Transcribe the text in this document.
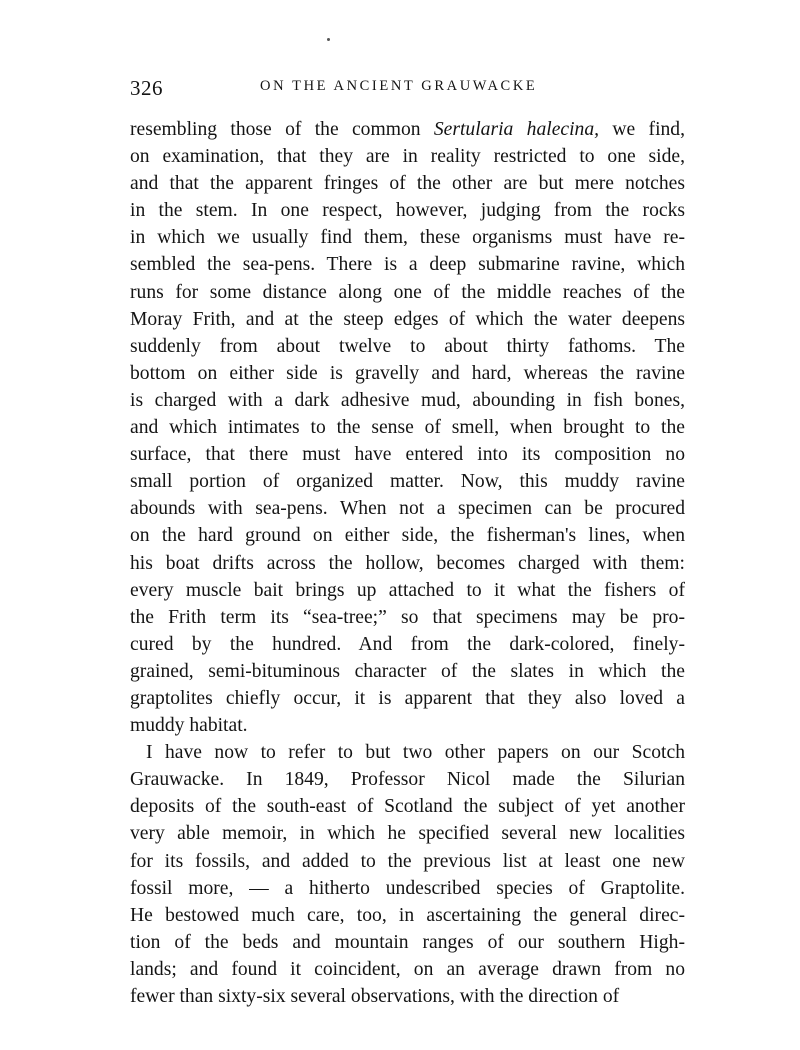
326	ON THE ANCIENT GRAUWACKE
resembling those of the common Sertularia halecina, we find,
on examination, that they are in reality restricted to one side,
and that the apparent fringes of the other are but mere notches
in the stem. In one respect, however, judging from the rocks
in which we usually find them, these organisms must have re-
sembled the sea-pens. There is a deep submarine ravine, which
runs for some distance along one of the middle reaches of the
Moray Frith, and at the steep edges of which the water deepens
suddenly from about twelve to about thirty fathoms. The
bottom on either side is gravelly and hard, whereas the ravine
is charged with a dark adhesive mud, abounding in fish bones,
and which intimates to the sense of smell, when brought to the
surface, that there must have entered into its composition no
small portion of organized matter. Now, this muddy ravine
abounds with sea-pens. When not a specimen can be procured
on the hard ground on either side, the fisherman's lines, when
his boat drifts across the hollow, becomes charged with them:
every muscle bait brings up attached to it what the fishers of
the Frith term its “sea-tree;” so that specimens may be pro-
cured by the hundred. And from the dark-colored, finely-
grained, semi-bituminous character of the slates in which the
graptolites chiefly occur, it is apparent that they also loved a
muddy habitat.
I have now to refer to but two other papers on our Scotch
Grauwacke. In 1849, Professor Nicol made the Silurian
deposits of the south-east of Scotland the subject of yet another
very able memoir, in which he specified several new localities
for its fossils, and added to the previous list at least one new
fossil more, — a hitherto undescribed species of Graptolite.
He bestowed much care, too, in ascertaining the general direc-
tion of the beds and mountain ranges of our southern High-
lands; and found it coincident, on an average drawn from no
fewer than sixty-six several observations, with the direction of
